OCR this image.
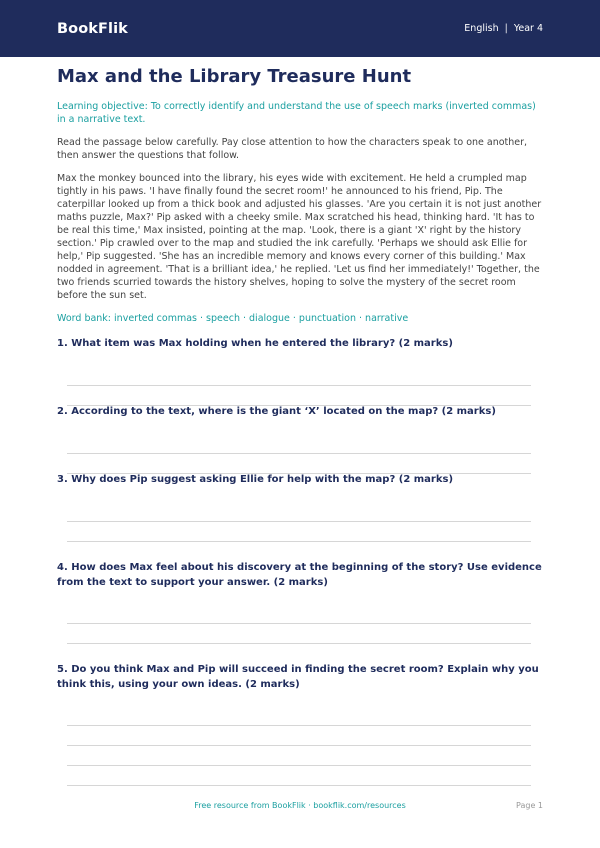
BookFlik	English | Year 4
Max and the Library Treasure Hunt

Learning objective: To correctly identify and understand the use of speech marks (inverted commas) in a narrative text.

Read the passage below carefully. Pay close attention to how the characters speak to one another, then answer the questions that follow.

Max the monkey bounced into the library, his eyes wide with excitement. He held a crumpled map tightly in his paws. 'I have finally found the secret room!' he announced to his friend, Pip. The caterpillar looked up from a thick book and adjusted his glasses. 'Are you certain it is not just another maths puzzle, Max?' Pip asked with a cheeky smile. Max scratched his head, thinking hard. 'It has to be real this time,' Max insisted, pointing at the map. 'Look, there is a giant 'X' right by the history section.' Pip crawled over to the map and studied the ink carefully. 'Perhaps we should ask Ellie for help,' Pip suggested. 'She has an incredible memory and knows every corner of this building.' Max nodded in agreement. 'That is a brilliant idea,' he replied. 'Let us find her immediately!' Together, the two friends scurried towards the history shelves, hoping to solve the mystery of the secret room before the sun set.

Word bank: inverted commas · speech · dialogue · punctuation · narrative

1. What item was Max holding when he entered the library? (2 marks)

2. According to the text, where is the giant ‘X’ located on the map? (2 marks)

3. Why does Pip suggest asking Ellie for help with the map? (2 marks)

4. How does Max feel about his discovery at the beginning of the story? Use evidence from the text to support your answer. (2 marks)

5. Do you think Max and Pip will succeed in finding the secret room? Explain why you think this, using your own ideas. (2 marks)

Free resource from BookFlik · bookflik.com/resources	Page 1
